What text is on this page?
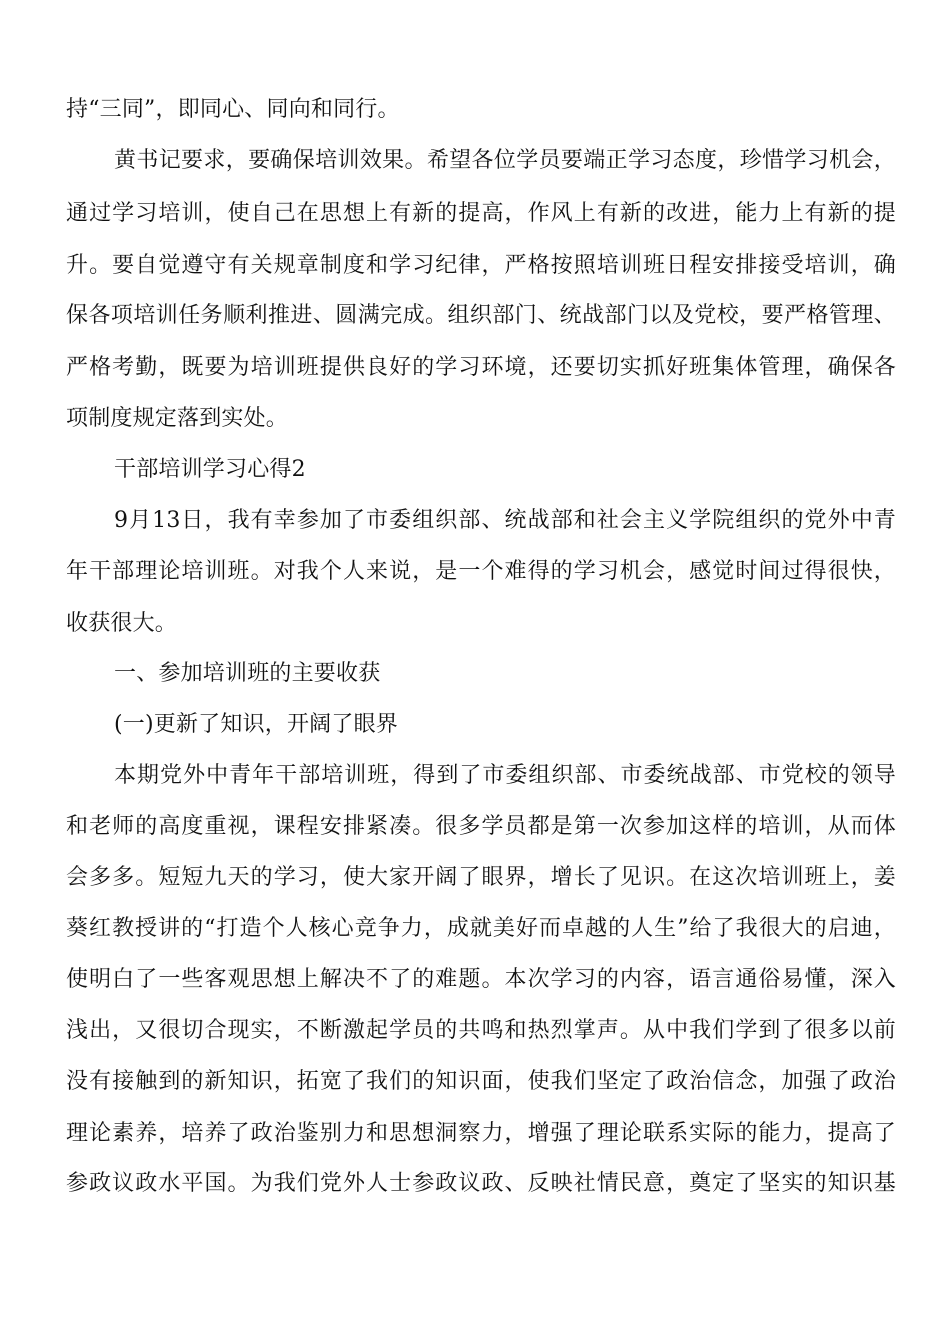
持“三同”，即同心、同向和同行。
黄书记要求，要确保培训效果。希望各位学员要端正学习态度，珍惜学习机会，
通过学习培训，使自己在思想上有新的提高，作风上有新的改进，能力上有新的提
升。要自觉遵守有关规章制度和学习纪律，严格按照培训班日程安排接受培训，确
保各项培训任务顺利推进、圆满完成。组织部门、统战部门以及党校，要严格管理、
严格考勤，既要为培训班提供良好的学习环境，还要切实抓好班集体管理，确保各
项制度规定落到实处。
干部培训学习心得2
9月13日，我有幸参加了市委组织部、统战部和社会主义学院组织的党外中青
年干部理论培训班。对我个人来说，是一个难得的学习机会，感觉时间过得很快，
收获很大。
一、参加培训班的主要收获
(一)更新了知识，开阔了眼界
本期党外中青年干部培训班，得到了市委组织部、市委统战部、市党校的领导
和老师的高度重视，课程安排紧凑。很多学员都是第一次参加这样的培训，从而体
会多多。短短九天的学习，使大家开阔了眼界，增长了见识。在这次培训班上，姜
葵红教授讲的“打造个人核心竞争力，成就美好而卓越的人生”给了我很大的启迪，
使明白了一些客观思想上解决不了的难题。本次学习的内容，语言通俗易懂，深入
浅出，又很切合现实，不断激起学员的共鸣和热烈掌声。从中我们学到了很多以前
没有接触到的新知识，拓宽了我们的知识面，使我们坚定了政治信念，加强了政治
理论素养，培养了政治鉴别力和思想洞察力，增强了理论联系实际的能力，提高了
参政议政水平国。为我们党外人士参政议政、反映社情民意，奠定了坚实的知识基
